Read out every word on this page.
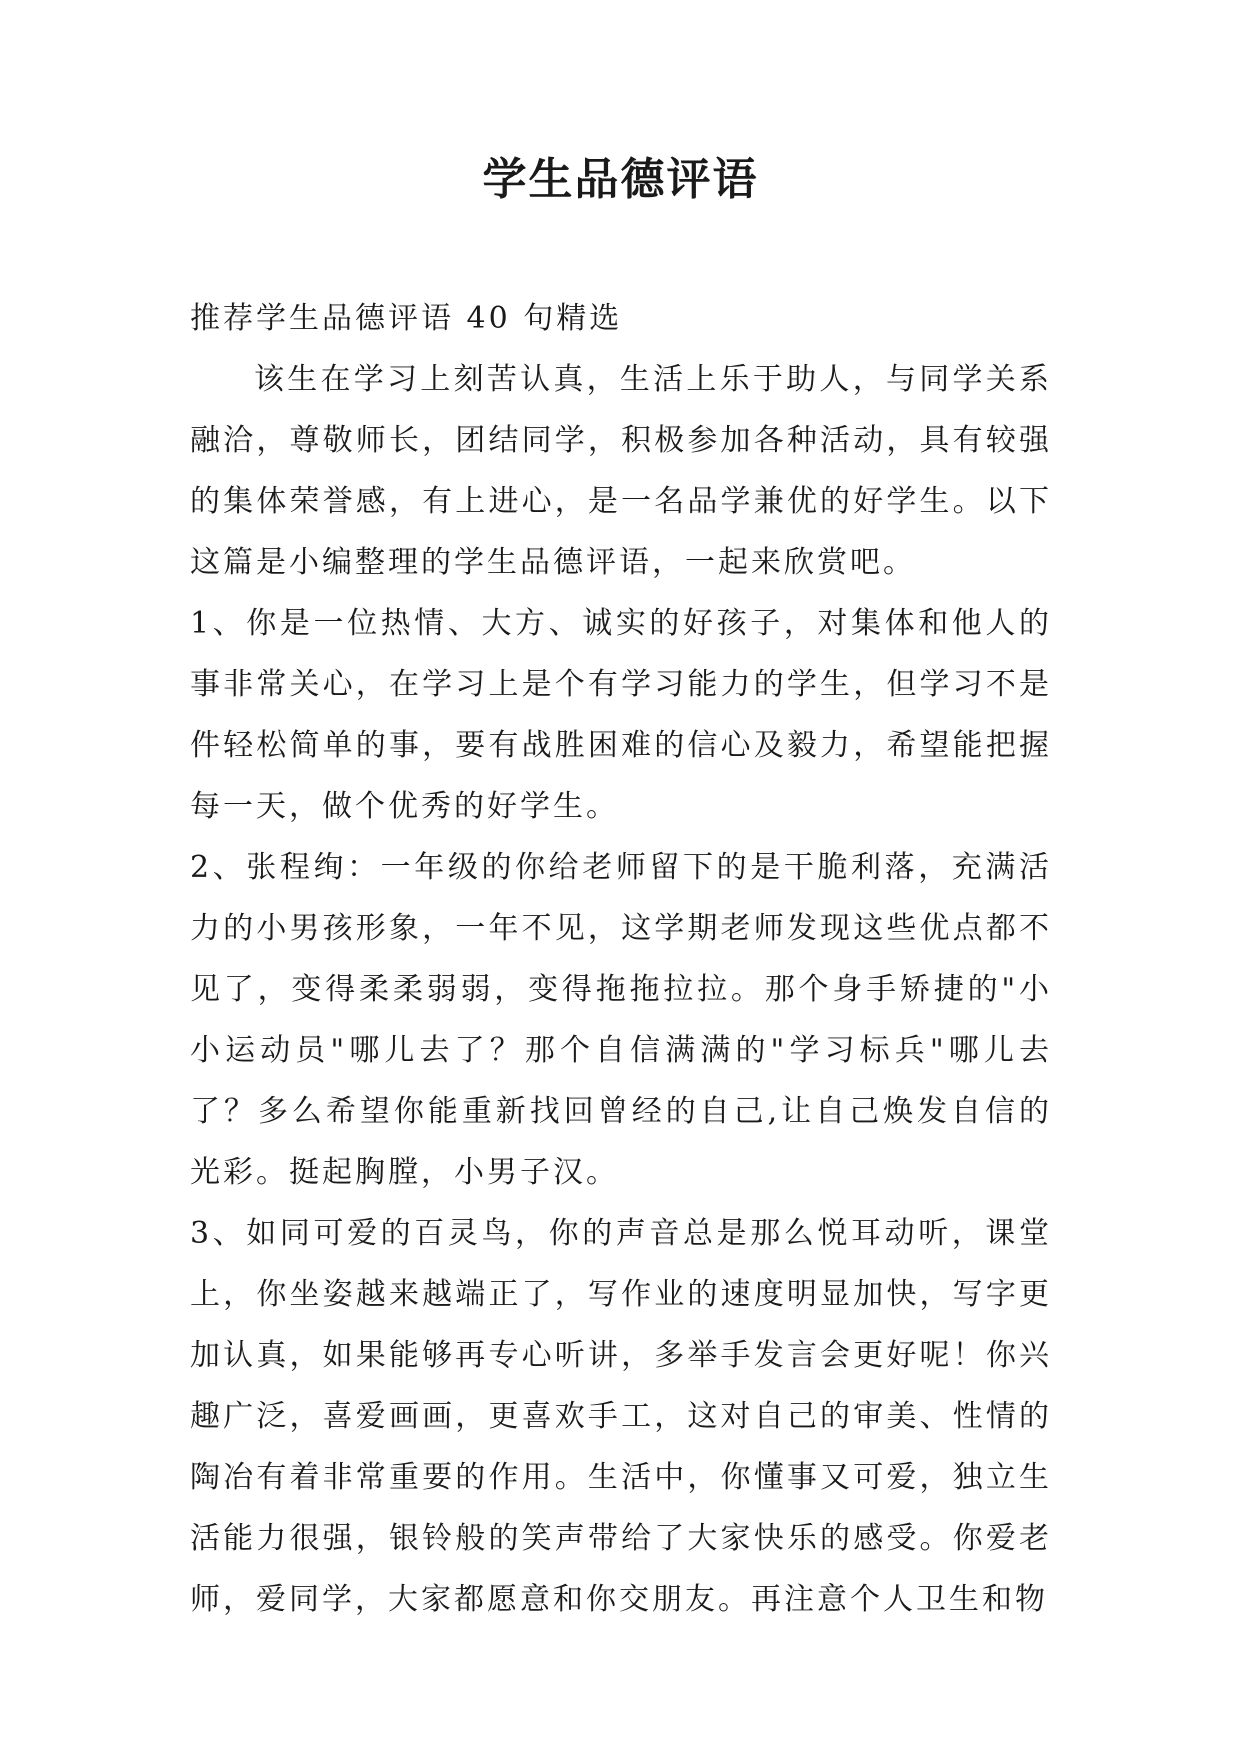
学生品德评语

推荐学生品德评语 40 句精选

该生在学习上刻苦认真，生活上乐于助人，与同学关系融洽，尊敬师长，团结同学，积极参加各种活动，具有较强的集体荣誉感，有上进心，是一名品学兼优的好学生。以下这篇是小编整理的学生品德评语，一起来欣赏吧。

1、你是一位热情、大方、诚实的好孩子，对集体和他人的事非常关心，在学习上是个有学习能力的学生，但学习不是件轻松简单的事，要有战胜困难的信心及毅力，希望能把握每一天，做个优秀的好学生。

2、张程绚：一年级的你给老师留下的是干脆利落，充满活力的小男孩形象，一年不见，这学期老师发现这些优点都不见了，变得柔柔弱弱，变得拖拖拉拉。那个身手矫捷的"小小运动员"哪儿去了？那个自信满满的"学习标兵"哪儿去了？多么希望你能重新找回曾经的自己,让自己焕发自信的光彩。挺起胸膛，小男子汉。

3、如同可爱的百灵鸟，你的声音总是那么悦耳动听，课堂上，你坐姿越来越端正了，写作业的速度明显加快，写字更加认真，如果能够再专心听讲，多举手发言会更好呢！你兴趣广泛，喜爱画画，更喜欢手工，这对自己的审美、性情的陶冶有着非常重要的作用。生活中，你懂事又可爱，独立生活能力很强，银铃般的笑声带给了大家快乐的感受。你爱老师，爱同学，大家都愿意和你交朋友。再注意个人卫生和物
